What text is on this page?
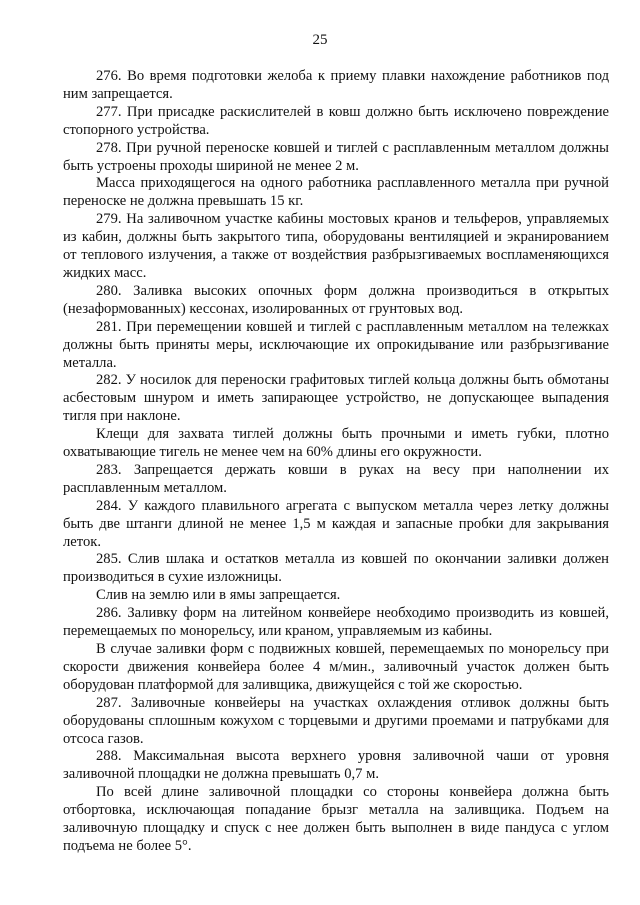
25

276. Во время подготовки желоба к приему плавки нахождение работников под ним запрещается.

277. При присадке раскислителей в ковш должно быть исключено повреждение стопорного устройства.

278. При ручной переноске ковшей и тиглей с расплавленным металлом должны быть устроены проходы шириной не менее 2 м.

Масса приходящегося на одного работника расплавленного металла при ручной переноске не должна превышать 15 кг.

279. На заливочном участке кабины мостовых кранов и тельферов, управляемых из кабин, должны быть закрытого типа, оборудованы вентиляцией и экранированием от теплового излучения, а также от воздействия разбрызгиваемых воспламеняющихся жидких масс.

280. Заливка высоких опочных форм должна производиться в открытых (незаформованных) кессонах, изолированных от грунтовых вод.

281. При перемещении ковшей и тиглей с расплавленным металлом на тележках должны быть приняты меры, исключающие их опрокидывание или разбрызгивание металла.

282. У носилок для переноски графитовых тиглей кольца должны быть обмотаны асбестовым шнуром и иметь запирающее устройство, не допускающее выпадения тигля при наклоне.

Клещи для захвата тиглей должны быть прочными и иметь губки, плотно охватывающие тигель не менее чем на 60% длины его окружности.

283. Запрещается держать ковши в руках на весу при наполнении их расплавленным металлом.

284. У каждого плавильного агрегата с выпуском металла через летку должны быть две штанги длиной не менее 1,5 м каждая и запасные пробки для закрывания леток.

285. Слив шлака и остатков металла из ковшей по окончании заливки должен производиться в сухие изложницы.

Слив на землю или в ямы запрещается.

286. Заливку форм на литейном конвейере необходимо производить из ковшей, перемещаемых по монорельсу, или краном, управляемым из кабины.

В случае заливки форм с подвижных ковшей, перемещаемых по монорельсу при скорости движения конвейера более 4 м/мин., заливочный участок должен быть оборудован платформой для заливщика, движущейся с той же скоростью.

287. Заливочные конвейеры на участках охлаждения отливок должны быть оборудованы сплошным кожухом с торцевыми и другими проемами и патрубками для отсоса газов.

288. Максимальная высота верхнего уровня заливочной чаши от уровня заливочной площадки не должна превышать 0,7 м.

По всей длине заливочной площадки со стороны конвейера должна быть отбортовка, исключающая попадание брызг металла на заливщика. Подъем на заливочную площадку и спуск с нее должен быть выполнен в виде пандуса с углом подъема не более 5°.
